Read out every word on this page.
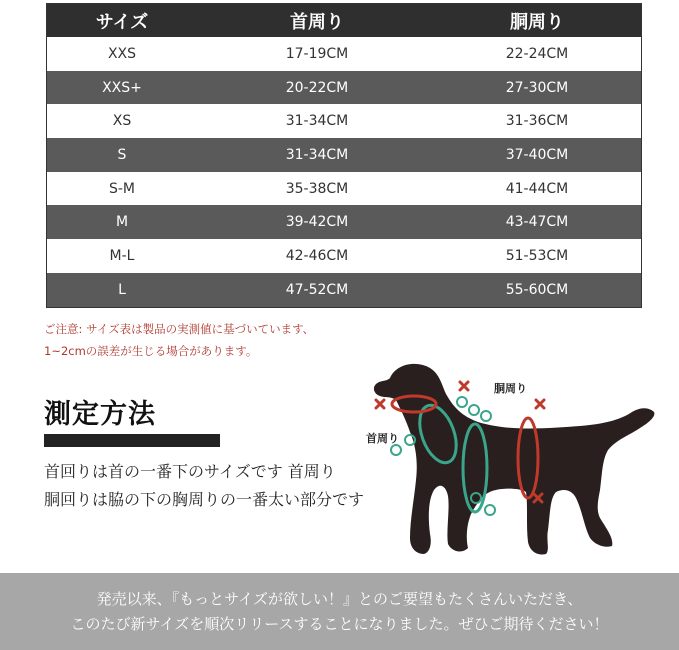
サイズ	首周り	胴周り
XXS	17-19CM	22-24CM
XXS+	20-22CM	27-30CM
XS	31-34CM	31-36CM
S	31-34CM	37-40CM
S-M	35-38CM	41-44CM
M	39-42CM	43-47CM
M-L	42-46CM	51-53CM
L	47-52CM	55-60CM
ご注意: サイズ表は製品の実測値に基づいています、
1~2cmの誤差が生じる場合があります。
測定方法
首回りは首の一番下のサイズです 首周り
胴回りは脇の下の胸周りの一番太い部分です
首周り
胴周り
発売以来、『もっとサイズが欲しい！』とのご要望もたくさんいただき、
このたび新サイズを順次リリースすることになりました。ぜひご期待ください！
